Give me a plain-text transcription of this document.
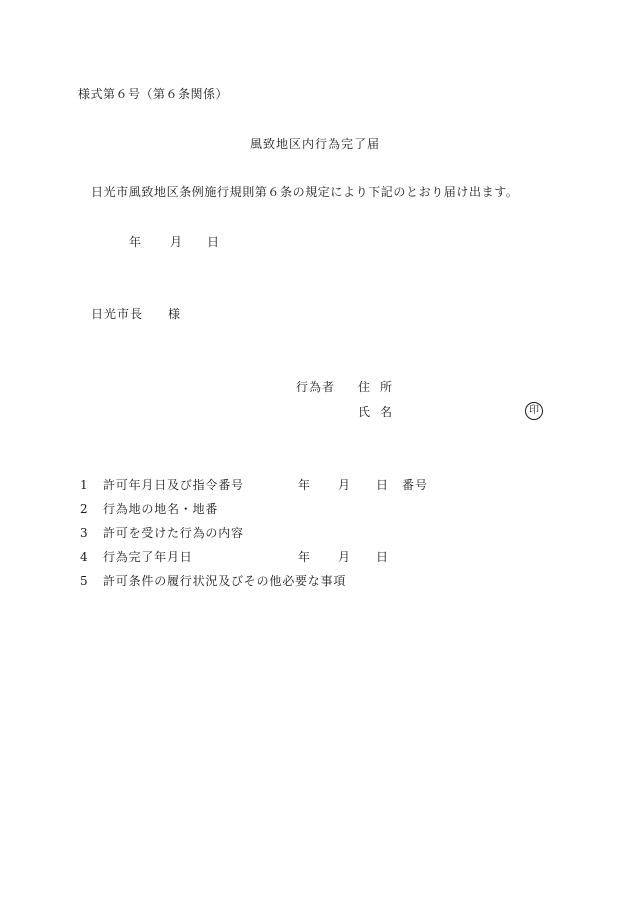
様式第６号（第６条関係）
風致地区内行為完了届
日光市風致地区条例施行規則第６条の規定により下記のとおり届け出ます。
年 月 日
日光市長 様
行為者 住所
氏名	印
1 許可年月日及び指令番号	年 月 日 番号
2 行為地の地名・地番
3 許可を受けた行為の内容
4 行為完了年月日	年 月 日
5 許可条件の履行状況及びその他必要な事項
